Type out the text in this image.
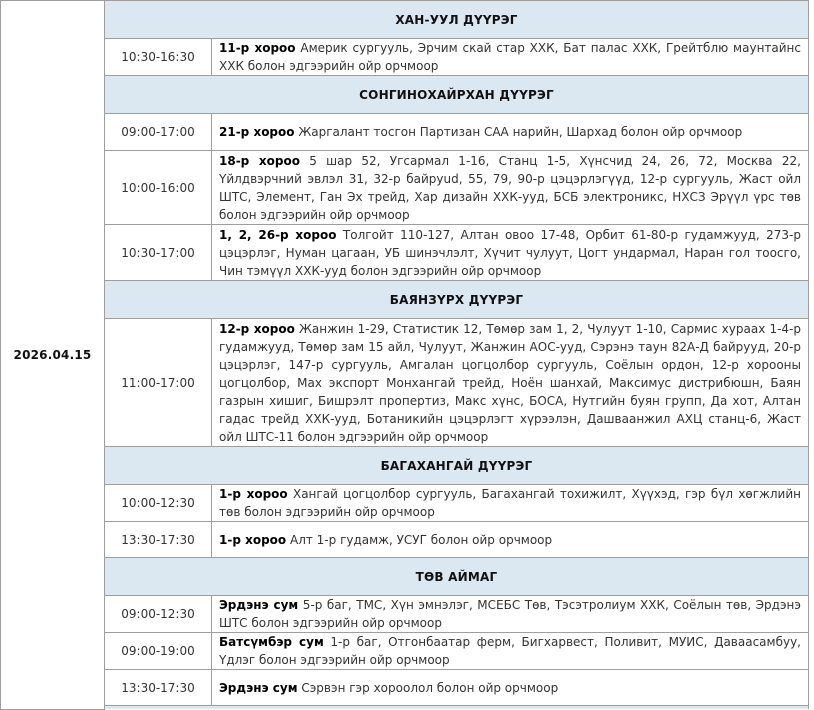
2026.04.15	ХАН-УУЛ ДҮҮРЭГ	
	10:30-16:30	11-р хороо Америк сургууль, Эрчим скай стар ХХК, Бат палас ХХК, Грейтблю маунтайнс ХХК болон эдгээрийн ойр орчмоор
	СОНГИНОХАЙРХАН ДҮҮРЭГ	
	09:00-17:00	21-р хороо Жаргалант тосгон Партизан САА нарийн, Шархад болон ойр орчмоор
	10:00-16:00	18-р хороо 5 шар 52, Угсармал 1-16, Станц 1-5, Хүнсчид 24, 26, 72, Москва 22, Үйлдвэрчний эвлэл 31, 32-р байруud, 55, 79, 90-р цэцэрлэгүүд, 12-р сургууль, Жаст ойл ШТС, Элемент, Ган Эх трейд, Хар дизайн ХХК-ууд, БСБ электроникс, НХСЗ Эрүүл үрс төв болон эдгээрийн ойр орчмоор
	10:30-17:00	1, 2, 26-р хороо Толгойт 110-127, Алтан овоо 17-48, Орбит 61-80-р гудамжууд, 273-р цэцэрлэг, Нуман цагаан, УБ шинэчлэлт, Хүчит чулуут, Цогт ундармал, Наран гол тоосго, Чин тэмүүл ХХК-ууд болон эдгээрийн ойр орчмоор
	БАЯНЗҮРХ ДҮҮРЭГ	
	11:00-17:00	12-р хороо Жанжин 1-29, Статистик 12, Төмөр зам 1, 2, Чулуут 1-10, Сармис хураах 1-4-р гудамжууд, Төмөр зам 15 айл, Чулуут, Жанжин АОС-ууд, Сэрэнэ таун 82А-Д байрууд, 20-р цэцэрлэг, 147-р сургууль, Амгалан цогцолбор сургууль, Соёлын ордон, 12-р хорооны цогцолбор, Мах экспорт Монхангай трейд, Ноён шанхай, Максимус дистрибюшн, Баян газрын хишиг, Бишрэлт пропертиз, Макс хүнс, БОСА, Нутгийн буян групп, Да хот, Алтан гадас трейд ХХК-ууд, Ботаникийн цэцэрлэгт хүрээлэн, Дашваанжил АХЦ станц-6, Жаст ойл ШТС-11 болон эдгээрийн ойр орчмоор
	БАГАХАНГАЙ ДҮҮРЭГ	
	10:00-12:30	1-р хороо Хангай цогцолбор сургууль, Багахангай тохижилт, Хүүхэд, гэр бүл хөгжлийн төв болон эдгээрийн ойр орчмоор
	13:30-17:30	1-р хороо Алт 1-р гудамж, УСУГ болон ойр орчмоор
	ТӨВ АЙМАГ	
	09:00-12:30	Эрдэнэ сум 5-р баг, ТМС, Хүн эмнэлэг, МСЕБС Төв, Тэсэтролиум ХХК, Соёлын төв, Эрдэнэ ШТС болон эдгээрийн ойр орчмоор
	09:00-19:00	Батсүмбэр сум 1-р баг, Отгонбаатар ферм, Бигхарвест, Поливит, МУИС, Даваасамбуу, Үдлэг болон эдгээрийн ойр орчмоор
	13:30-17:30	Эрдэнэ сум Сэрвэн гэр хороолол болон ойр орчмоор
